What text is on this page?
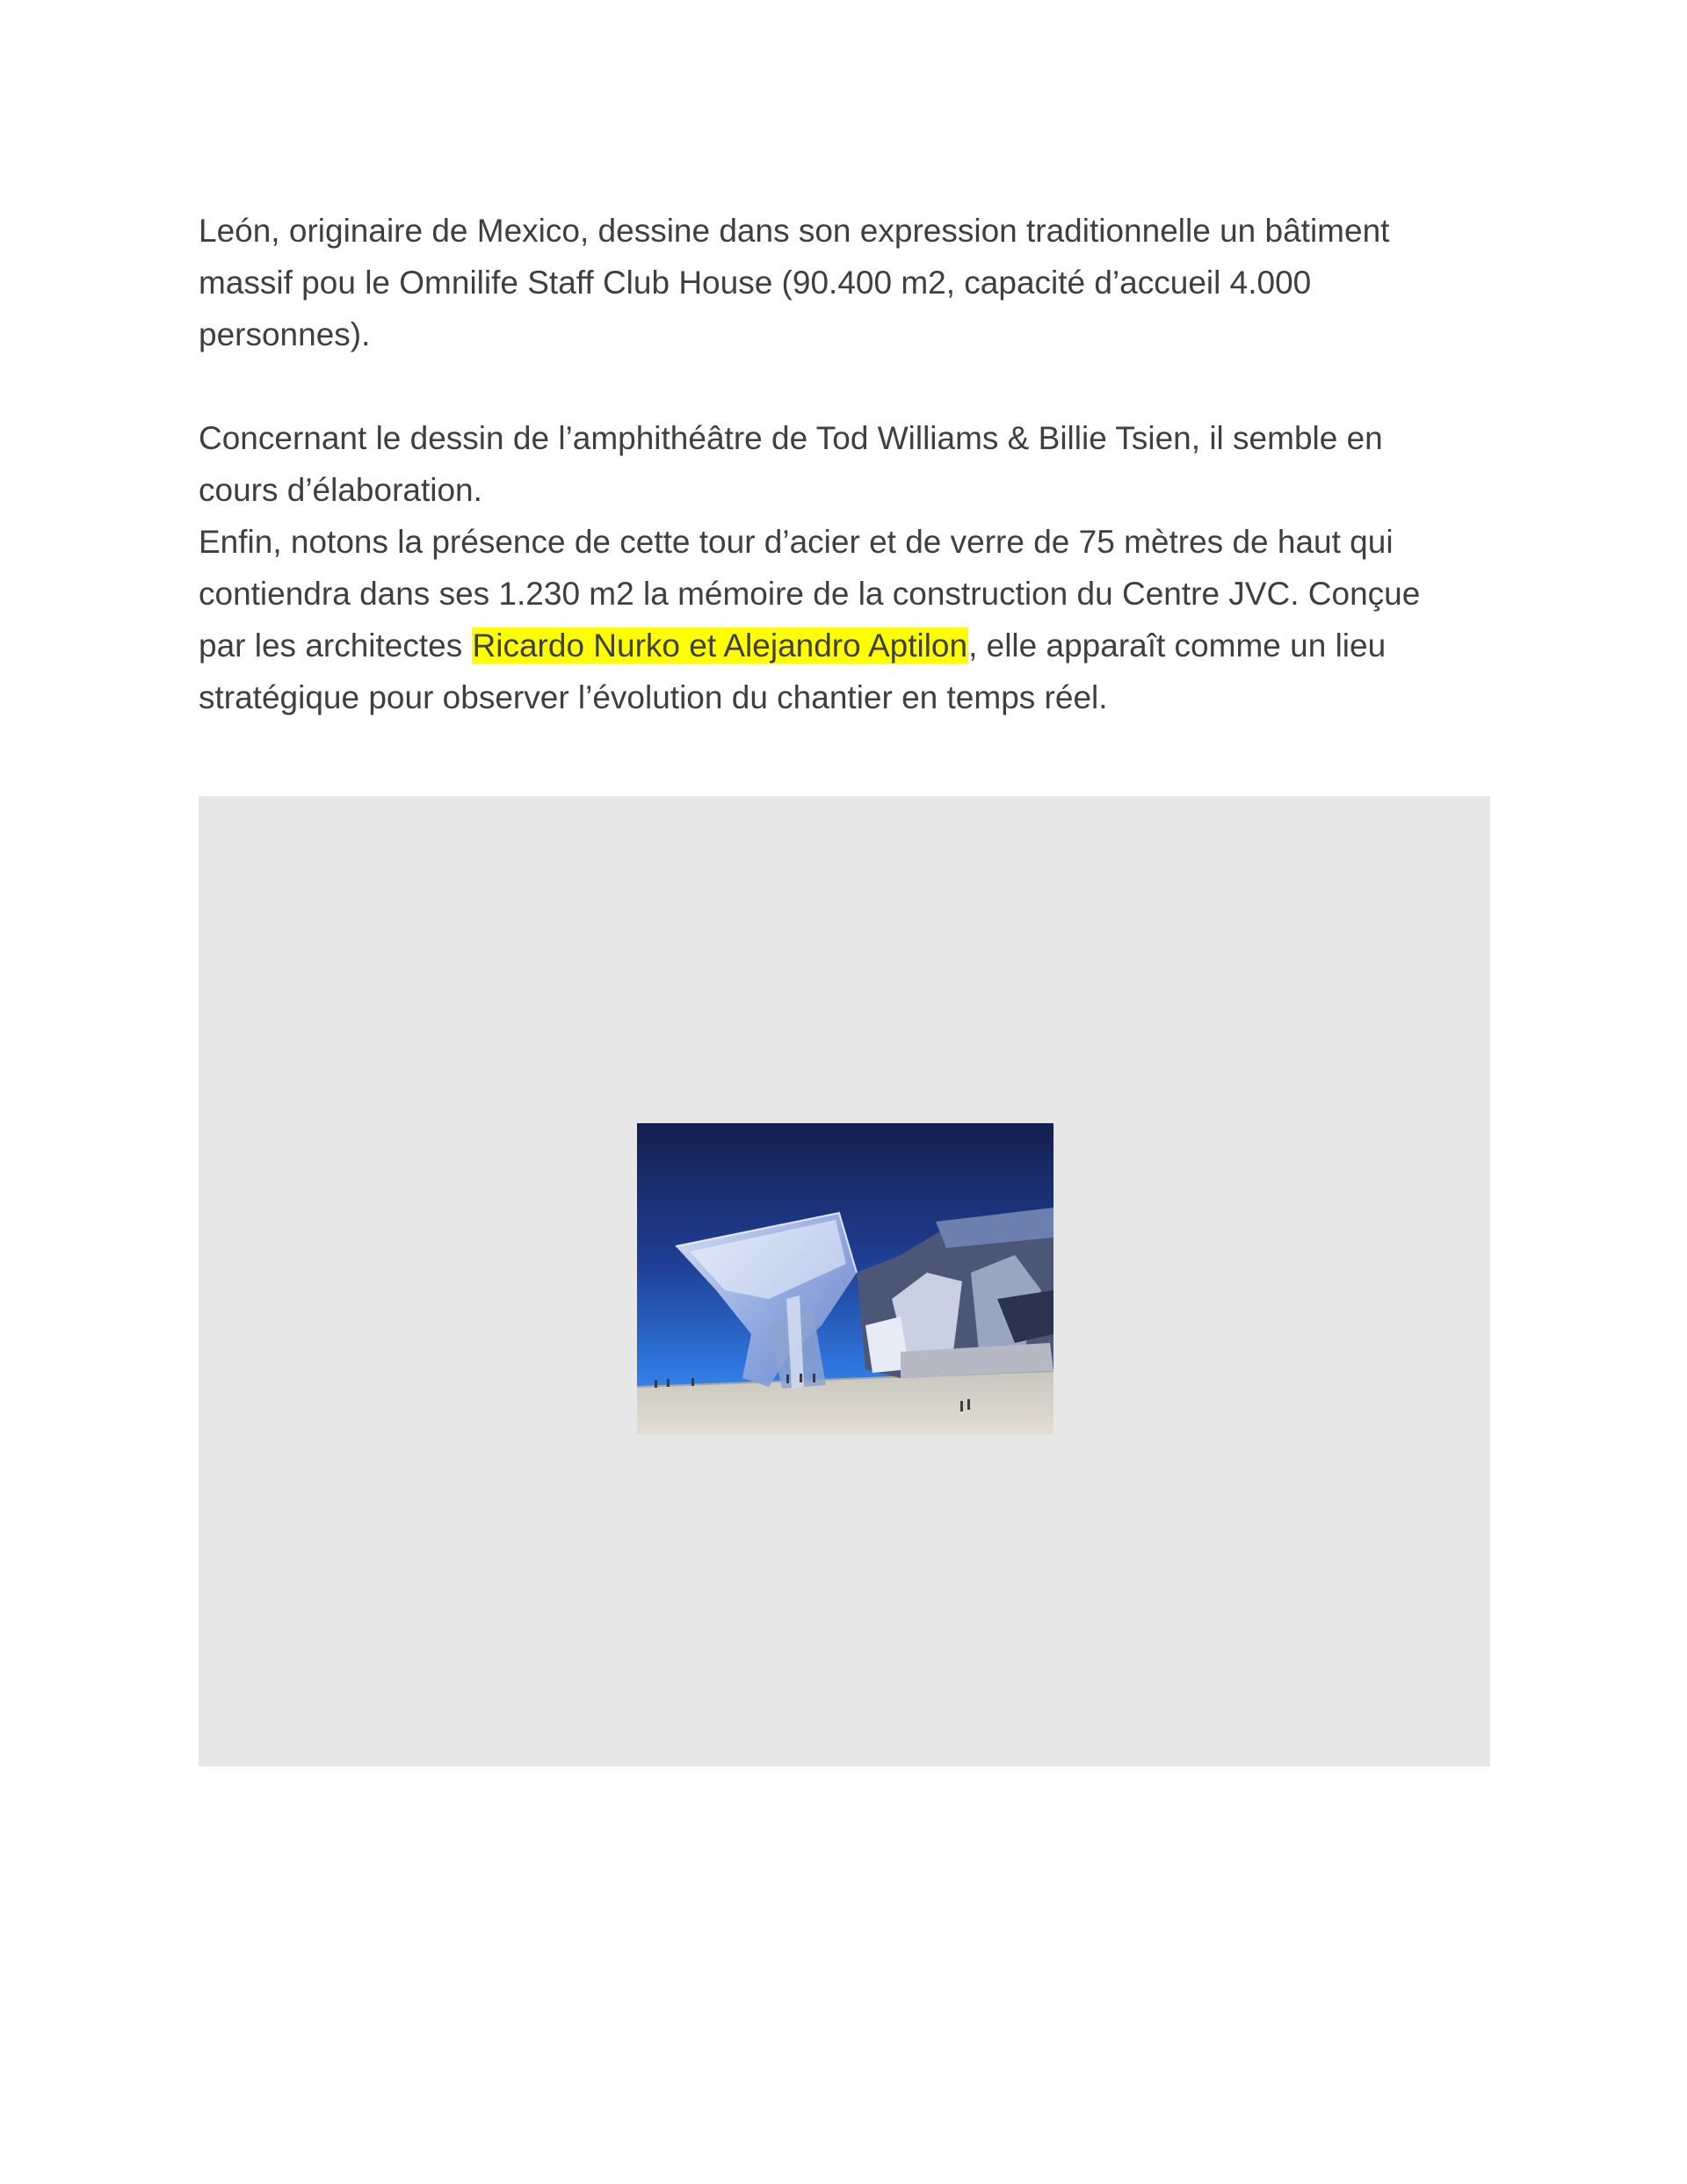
León, originaire de Mexico, dessine dans son expression traditionnelle un bâtiment

massif pou le Omnilife Staff Club House (90.400 m2, capacité d’accueil 4.000

personnes).

Concernant le dessin de l’amphithéâtre de Tod Williams & Billie Tsien, il semble en

cours d’élaboration.

Enfin, notons la présence de cette tour d’acier et de verre de 75 mètres de haut qui

contiendra dans ses 1.230 m2 la mémoire de la construction du Centre JVC. Conçue

par les architectes Ricardo Nurko et Alejandro Aptilon, elle apparaît comme un lieu

stratégique pour observer l’évolution du chantier en temps réel.
